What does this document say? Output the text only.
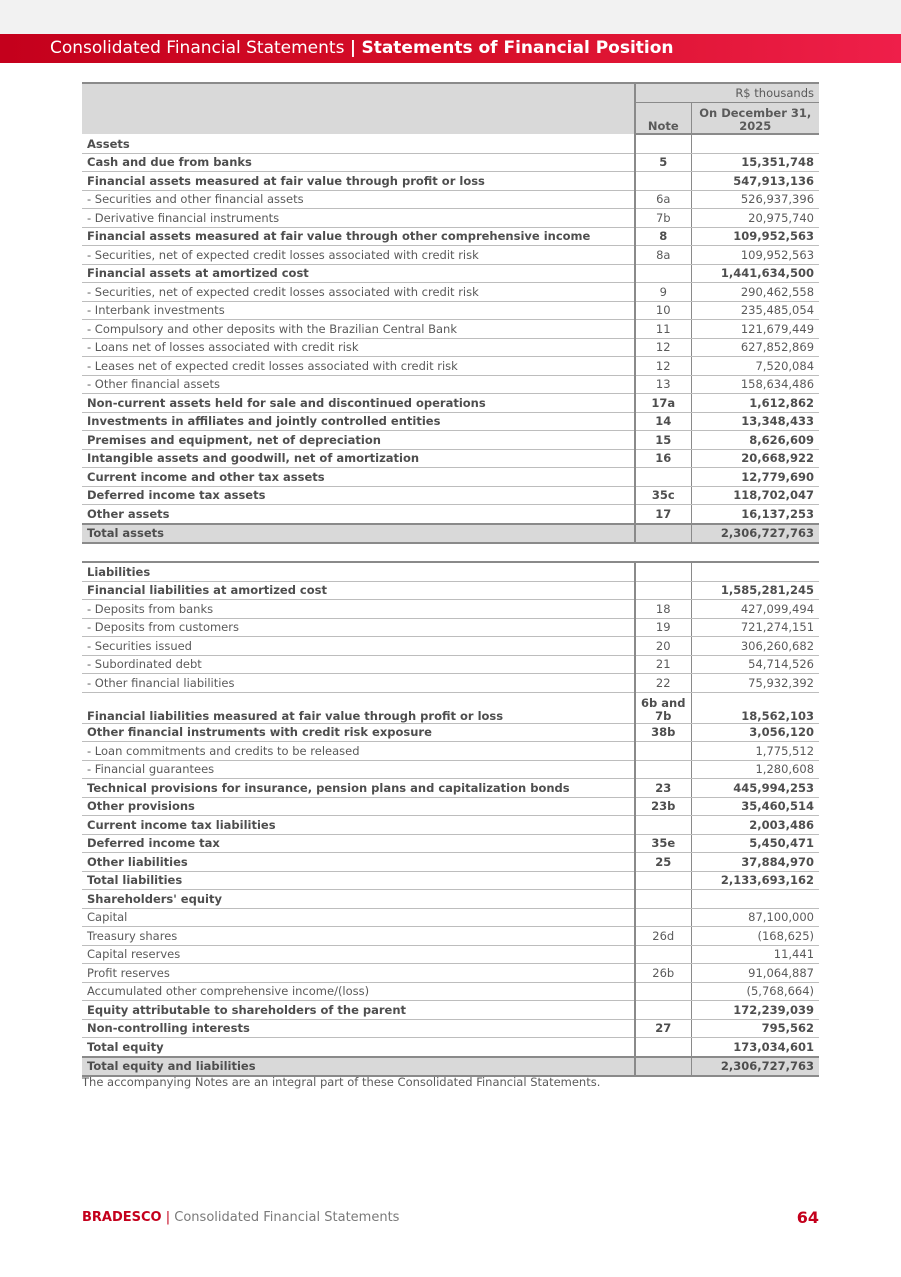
Consolidated Financial Statements | Statements of Financial Position
	R$ thousands	
	Note	On December 31, 2025
Assets		
Cash and due from banks	5	15,351,748
Financial assets measured at fair value through profit or loss		547,913,136
- Securities and other financial assets	6a	526,937,396
- Derivative financial instruments	7b	20,975,740
Financial assets measured at fair value through other comprehensive income	8	109,952,563
- Securities, net of expected credit losses associated with credit risk	8a	109,952,563
Financial assets at amortized cost		1,441,634,500
- Securities, net of expected credit losses associated with credit risk	9	290,462,558
- Interbank investments	10	235,485,054
- Compulsory and other deposits with the Brazilian Central Bank	11	121,679,449
- Loans net of losses associated with credit risk	12	627,852,869
- Leases net of expected credit losses associated with credit risk	12	7,520,084
- Other financial assets	13	158,634,486
Non-current assets held for sale and discontinued operations	17a	1,612,862
Investments in affiliates and jointly controlled entities	14	13,348,433
Premises and equipment, net of depreciation	15	8,626,609
Intangible assets and goodwill, net of amortization	16	20,668,922
Current income and other tax assets		12,779,690
Deferred income tax assets	35c	118,702,047
Other assets	17	16,137,253
Total assets		2,306,727,763

Liabilities		
Financial liabilities at amortized cost		1,585,281,245
- Deposits from banks	18	427,099,494
- Deposits from customers	19	721,274,151
- Securities issued	20	306,260,682
- Subordinated debt	21	54,714,526
- Other financial liabilities	22	75,932,392
Financial liabilities measured at fair value through profit or loss	6b and 7b	18,562,103
Other financial instruments with credit risk exposure	38b	3,056,120
- Loan commitments and credits to be released		1,775,512
- Financial guarantees		1,280,608
Technical provisions for insurance, pension plans and capitalization bonds	23	445,994,253
Other provisions	23b	35,460,514
Current income tax liabilities		2,003,486
Deferred income tax	35e	5,450,471
Other liabilities	25	37,884,970
Total liabilities		2,133,693,162
Shareholders' equity		
Capital		87,100,000
Treasury shares	26d	(168,625)
Capital reserves		11,441
Profit reserves	26b	91,064,887
Accumulated other comprehensive income/(loss)		(5,768,664)
Equity attributable to shareholders of the parent		172,239,039
Non-controlling interests	27	795,562
Total equity		173,034,601
Total equity and liabilities		2,306,727,763
The accompanying Notes are an integral part of these Consolidated Financial Statements.
BRADESCO | Consolidated Financial Statements	64
